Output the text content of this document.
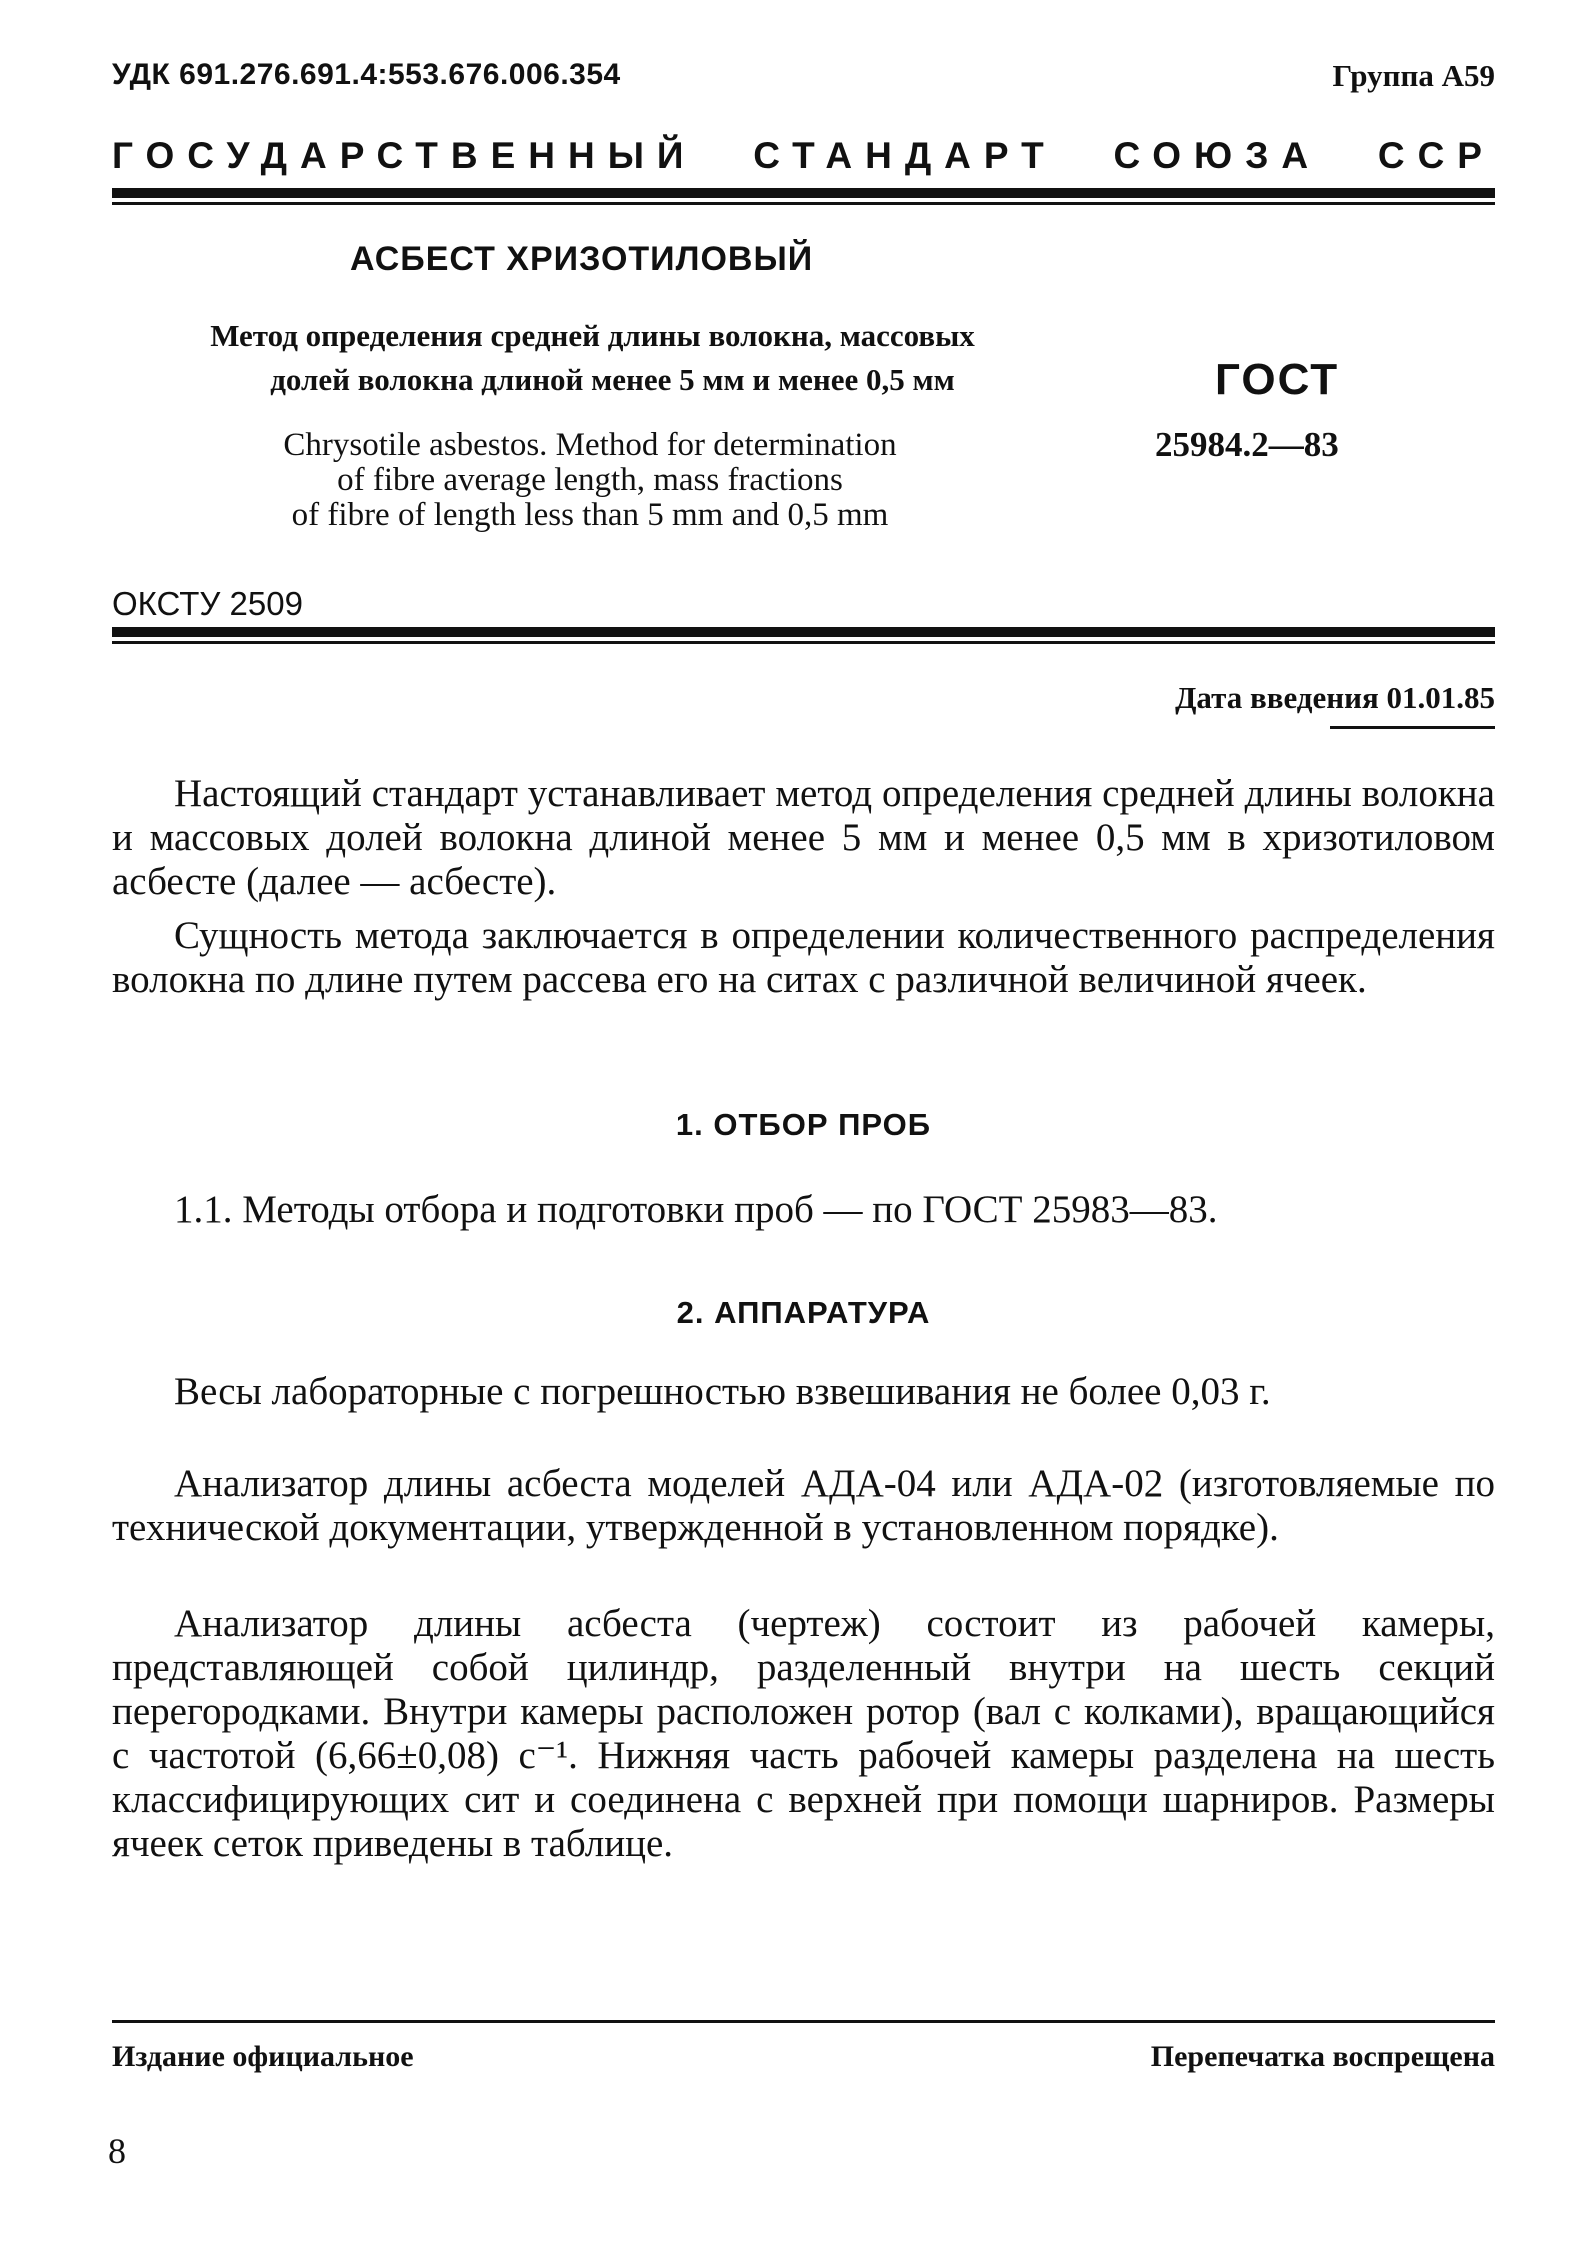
УДК 691.276.691.4:553.676.006.354	Группа А59
ГОСУДАРСТВЕННЫЙ СТАНДАРТ СОЮЗА ССР
АСБЕСТ ХРИЗОТИЛОВЫЙ
Метод определения средней длины волокна, массовых
долей волокна длиной менее 5 мм и менее 0,5 мм
Chrysotile asbestos. Method for determination
of fibre average length, mass fractions
of fibre of length less than 5 mm and 0,5 mm
ГОСТ
25984.2—83
ОКСТУ 2509
Дата введения 01.01.85

Настоящий стандарт устанавливает метод определения средней длины волокна и массовых долей волокна длиной менее 5 мм и менее 0,5 мм в хризотиловом асбесте (далее — асбесте).

Сущность метода заключается в определении количественного распределения волокна по длине путем рассева его на ситах с различной величиной ячеек.

1. ОТБОР ПРОБ

1.1. Методы отбора и подготовки проб — по ГОСТ 25983—83.

2. АППАРАТУРА

Весы лабораторные с погрешностью взвешивания не более 0,03 г.

Анализатор длины асбеста моделей АДА-04 или АДА-02 (изготовляемые по технической документации, утвержденной в установленном порядке).

Анализатор длины асбеста (чертеж) состоит из рабочей камеры, представляющей собой цилиндр, разделенный внутри на шесть секций перегородками. Внутри камеры расположен ротор (вал с колками), вращающийся с частотой (6,66±0,08) с⁻¹. Нижняя часть рабочей камеры разделена на шесть классифицирующих сит и соединена с верхней при помощи шарниров. Размеры ячеек сеток приведены в таблице.

Издание официальное	Перепечатка воспрещена
8
